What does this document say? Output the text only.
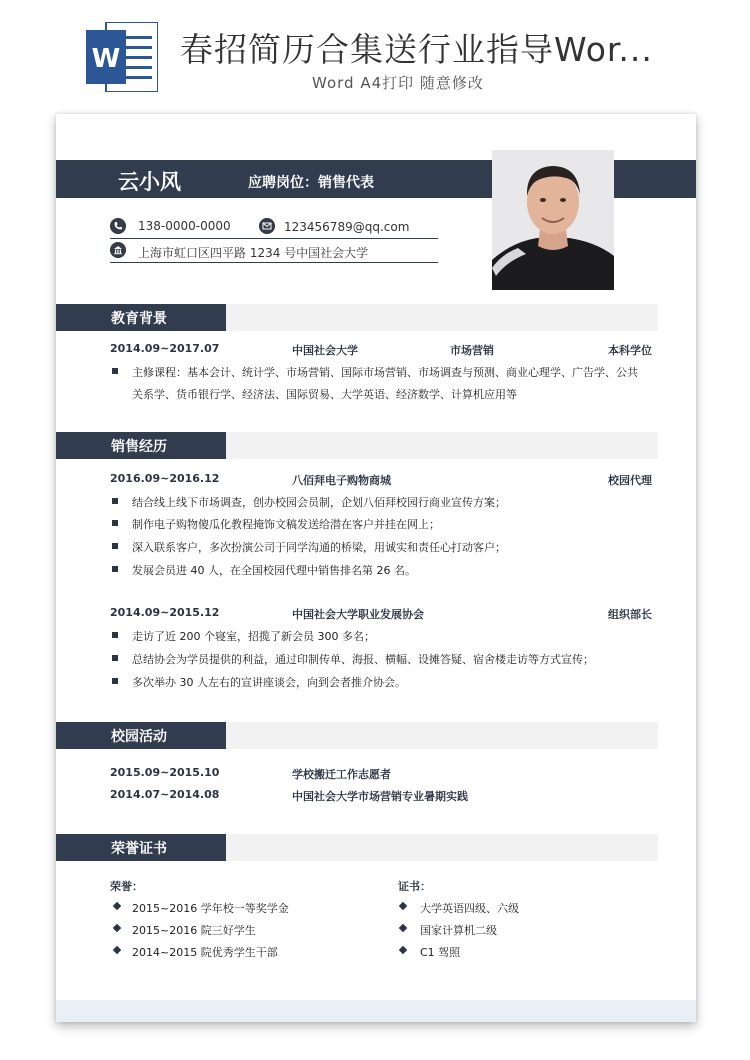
W 春招简历合集送行业指导Wor...
Word A4打印 随意修改
云小风	应聘岗位：销售代表
138-0000-0000	123456789@qq.com
上海市虹口区四平路 1234 号中国社会大学
教育背景
2014.09~2017.07	中国社会大学	市场营销	本科学位
主修课程：基本会计、统计学、市场营销、国际市场营销、市场调查与预测、商业心理学、广告学、公共
关系学、货币银行学、经济法、国际贸易、大学英语、经济数学、计算机应用等
销售经历
2016.09~2016.12	八佰拜电子购物商城	校园代理
结合线上线下市场调查，创办校园会员制，企划八佰拜校园行商业宣传方案；
制作电子购物傻瓜化教程掩饰文稿发送给潜在客户并挂在网上；
深入联系客户，多次扮演公司于同学沟通的桥梁，用诚实和责任心打动客户；
发展会员进 40 人，在全国校园代理中销售排名第 26 名。
2014.09~2015.12	中国社会大学职业发展协会	组织部长
走访了近 200 个寝室，招揽了新会员 300 多名；
总结协会为学员提供的利益，通过印制传单、海报、横幅、设摊答疑、宿舍楼走访等方式宣传；
多次举办 30 人左右的宣讲座谈会，向到会者推介协会。
校园活动
2015.09~2015.10	学校搬迁工作志愿者
2014.07~2014.08	中国社会大学市场营销专业暑期实践
荣誉证书
荣誉：
2015~2016 学年校一等奖学金
2015~2016 院三好学生
2014~2015 院优秀学生干部
证书：
大学英语四级、六级
国家计算机二级
C1 驾照
